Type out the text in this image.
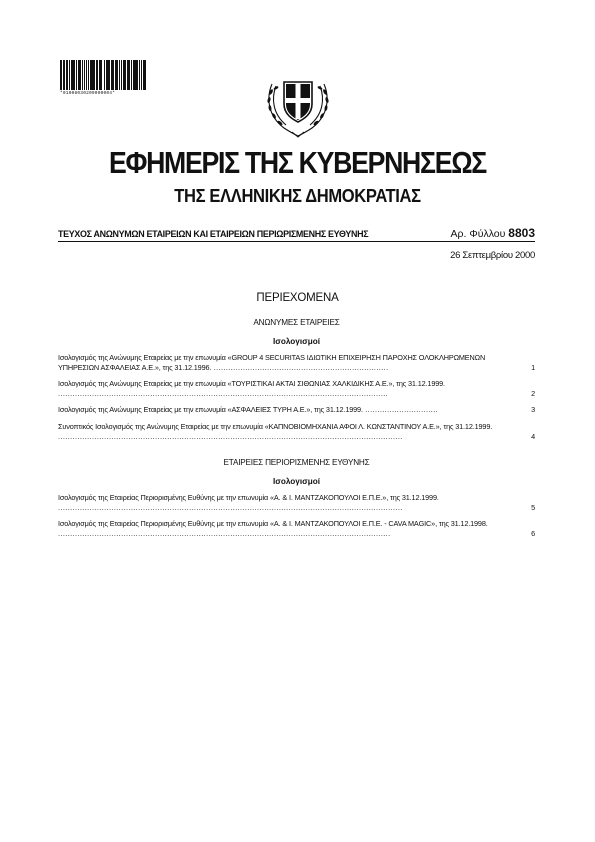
*01008030209000004*
ΕΦΗΜΕΡΙΣ ΤΗΣ ΚΥΒΕΡΝΗΣΕΩΣ
ΤΗΣ ΕΛΛΗΝΙΚΗΣ ΔΗΜΟΚΡΑΤΙΑΣ
ΤΕΥΧΟΣ ΑΝΩΝΥΜΩΝ ΕΤΑΙΡΕΙΩΝ ΚΑΙ ΕΤΑΙΡΕΙΩΝ ΠΕΡΙΩΡΙΣΜΕΝΗΣ ΕΥΘΥΝΗΣ	Αρ. Φύλλου 8803
26 Σεπτεμβρίου 2000
ΠΕΡΙΕΧΟΜΕΝΑ
ΑΝΩΝΥΜΕΣ ΕΤΑΙΡΕΙΕΣ
Ισολογισμοί
Ισολογισμός της Ανώνυμης Εταιρείας με την επωνυμία «GROUP 4 SECURITAS ΙΔΙΩΤΙΚΗ ΕΠΙΧΕΙΡΗΣΗ ΠΑΡΟΧΗΣ ΟΛΟΚΛΗΡΩΜΕΝΩΝ ΥΠΗΡΕΣΙΩΝ ΑΣΦΑΛΕΙΑΣ Α.Ε.», της 31.12.1996. ........................................................................	1
Ισολογισμός της Ανώνυμης Εταιρείας με την επωνυμία «ΤΟΥΡΙΣΤΙΚΑΙ ΑΚΤΑΙ ΣΙΘΩΝΙΑΣ ΧΑΛΚΙΔΙΚΗΣ Α.Ε.», της 31.12.1999. ........................................................................................................................................	2
Ισολογισμός της Ανώνυμης Εταιρείας με την επωνυμία «ΑΣΦΑΛΕΙΕΣ ΤΥΡΗ Α.Ε.», της 31.12.1999. ..............................	3
Συνοπτικός Ισολογισμός της Ανώνυμης Εταιρείας με την επωνυμία «ΚΑΠΝΟΒΙΟΜΗΧΑΝΙΑ ΑΦΟΙ Λ. ΚΩΝΣΤΑΝΤΙΝΟΥ Α.Ε.», της 31.12.1999. ..............................................................................................................................................	4
ΕΤΑΙΡΕΙΕΣ ΠΕΡΙΟΡΙΣΜΕΝΗΣ ΕΥΘΥΝΗΣ
Ισολογισμοί
Ισολογισμός της Εταιρείας Περιορισμένης Ευθύνης με την επωνυμία «Α. & Ι. ΜΑΝΤΖΑΚΟΠΟΥΛΟΙ Ε.Π.Ε.», της 31.12.1999. ..............................................................................................................................................	5
Ισολογισμός της Εταιρείας Περιορισμένης Ευθύνης με την επωνυμία «Α. & Ι. ΜΑΝΤΖΑΚΟΠΟΥΛΟΙ Ε.Π.Ε. - CAVA MAGIC», της 31.12.1998. .........................................................................................................................................	6
